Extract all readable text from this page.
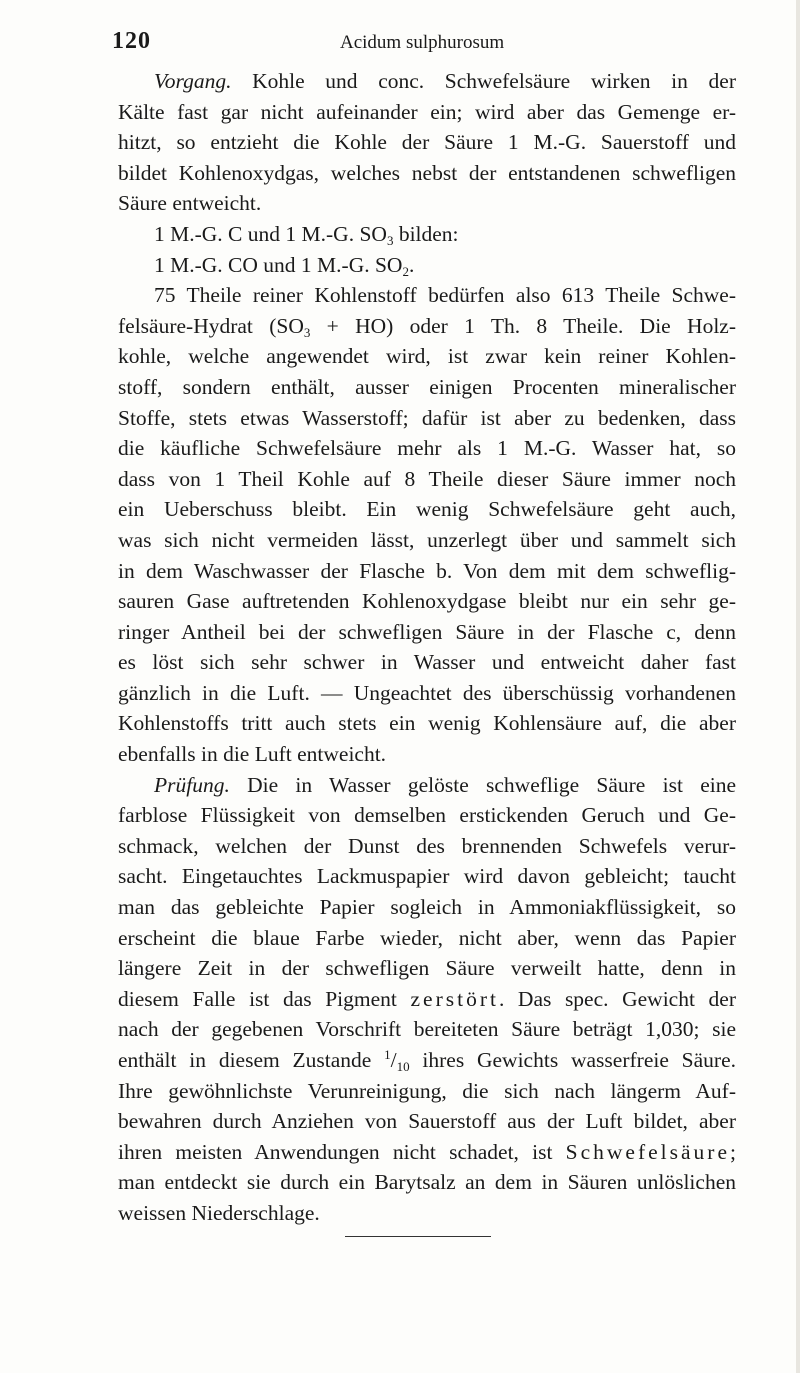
120	Acidum sulphurosum
Vorgang. Kohle und conc. Schwefelsäure wirken in der
Kälte fast gar nicht aufeinander ein; wird aber das Gemenge er-
hitzt, so entzieht die Kohle der Säure 1 M.-G. Sauerstoff und
bildet Kohlenoxydgas, welches nebst der entstandenen schwefligen
Säure entweicht.
1 M.-G. C und 1 M.-G. $SO_3$ bilden:
1 M.-G. CO und 1 M.-G. $SO_2$.
75 Theile reiner Kohlenstoff bedürfen also 613 Theile Schwe-
felsäure-Hydrat $(SO_3 + HO)$ oder 1 Th. 8 Theile. Die Holz-
kohle, welche angewendet wird, ist zwar kein reiner Kohlen-
stoff, sondern enthält, ausser einigen Procenten mineralischer
Stoffe, stets etwas Wasserstoff; dafür ist aber zu bedenken, dass
die käufliche Schwefelsäure mehr als 1 M.-G. Wasser hat, so
dass von 1 Theil Kohle auf 8 Theile dieser Säure immer noch
ein Ueberschuss bleibt. Ein wenig Schwefelsäure geht auch,
was sich nicht vermeiden lässt, unzerlegt über und sammelt sich
in dem Waschwasser der Flasche b. Von dem mit dem schweflig-
sauren Gase auftretenden Kohlenoxydgase bleibt nur ein sehr ge-
ringer Antheil bei der schwefligen Säure in der Flasche c, denn
es löst sich sehr schwer in Wasser und entweicht daher fast
gänzlich in die Luft. — Ungeachtet des überschüssig vorhandenen
Kohlenstoffs tritt auch stets ein wenig Kohlensäure auf, die aber
ebenfalls in die Luft entweicht.
Prüfung. Die in Wasser gelöste schweflige Säure ist eine
farblose Flüssigkeit von demselben erstickenden Geruch und Ge-
schmack, welchen der Dunst des brennenden Schwefels verur-
sacht. Eingetauchtes Lackmuspapier wird davon gebleicht; taucht
man das gebleichte Papier sogleich in Ammoniakflüssigkeit, so
erscheint die blaue Farbe wieder, nicht aber, wenn das Papier
längere Zeit in der schwefligen Säure verweilt hatte, denn in
diesem Falle ist das Pigment zerstört. Das spec. Gewicht der
nach der gegebenen Vorschrift bereiteten Säure beträgt 1,030; sie
enthält in diesem Zustande $^1/_{10}$ ihres Gewichts wasserfreie Säure.
Ihre gewöhnlichste Verunreinigung, die sich nach längerm Auf-
bewahren durch Anziehen von Sauerstoff aus der Luft bildet, aber
ihren meisten Anwendungen nicht schadet, ist Schwefelsäure;
man entdeckt sie durch ein Barytsalz an dem in Säuren unlöslichen
weissen Niederschlage.
